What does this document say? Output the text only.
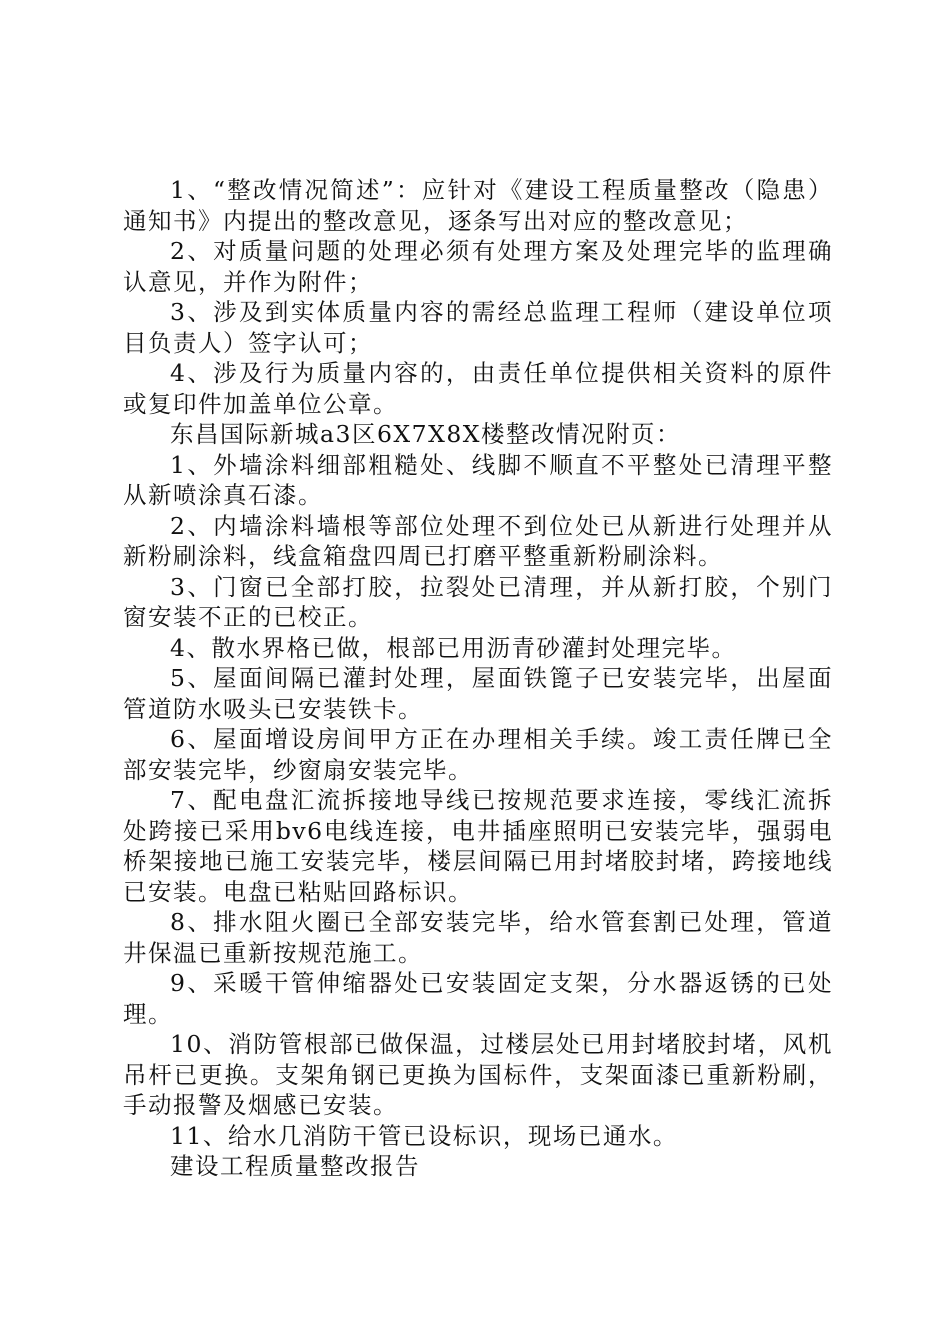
1、“整改情况简述”：应针对《建设工程质量整改（隐患）通知书》内提出的整改意见，逐条写出对应的整改意见；

2、对质量问题的处理必须有处理方案及处理完毕的监理确认意见，并作为附件；

3、涉及到实体质量内容的需经总监理工程师（建设单位项目负责人）签字认可；

4、涉及行为质量内容的，由责任单位提供相关资料的原件或复印件加盖单位公章。

东昌国际新城a3区6X7X8X楼整改情况附页：

1、外墙涂料细部粗糙处、线脚不顺直不平整处已清理平整从新喷涂真石漆。

2、内墙涂料墙根等部位处理不到位处已从新进行处理并从新粉刷涂料，线盒箱盘四周已打磨平整重新粉刷涂料。

3、门窗已全部打胶，拉裂处已清理，并从新打胶，个别门窗安装不正的已校正。

4、散水界格已做，根部已用沥青砂灌封处理完毕。

5、屋面间隔已灌封处理，屋面铁篦子已安装完毕，出屋面管道防水吸头已安装铁卡。

6、屋面增设房间甲方正在办理相关手续。竣工责任牌已全部安装完毕，纱窗扇安装完毕。

7、配电盘汇流拆接地导线已按规范要求连接，零线汇流拆处跨接已采用bv6电线连接，电井插座照明已安装完毕，强弱电桥架接地已施工安装完毕，楼层间隔已用封堵胶封堵，跨接地线已安装。电盘已粘贴回路标识。

8、排水阻火圈已全部安装完毕，给水管套割已处理，管道井保温已重新按规范施工。

9、采暖干管伸缩器处已安装固定支架，分水器返锈的已处理。

10、消防管根部已做保温，过楼层处已用封堵胶封堵，风机吊杆已更换。支架角钢已更换为国标件，支架面漆已重新粉刷，手动报警及烟感已安装。

11、给水几消防干管已设标识，现场已通水。

建设工程质量整改报告
